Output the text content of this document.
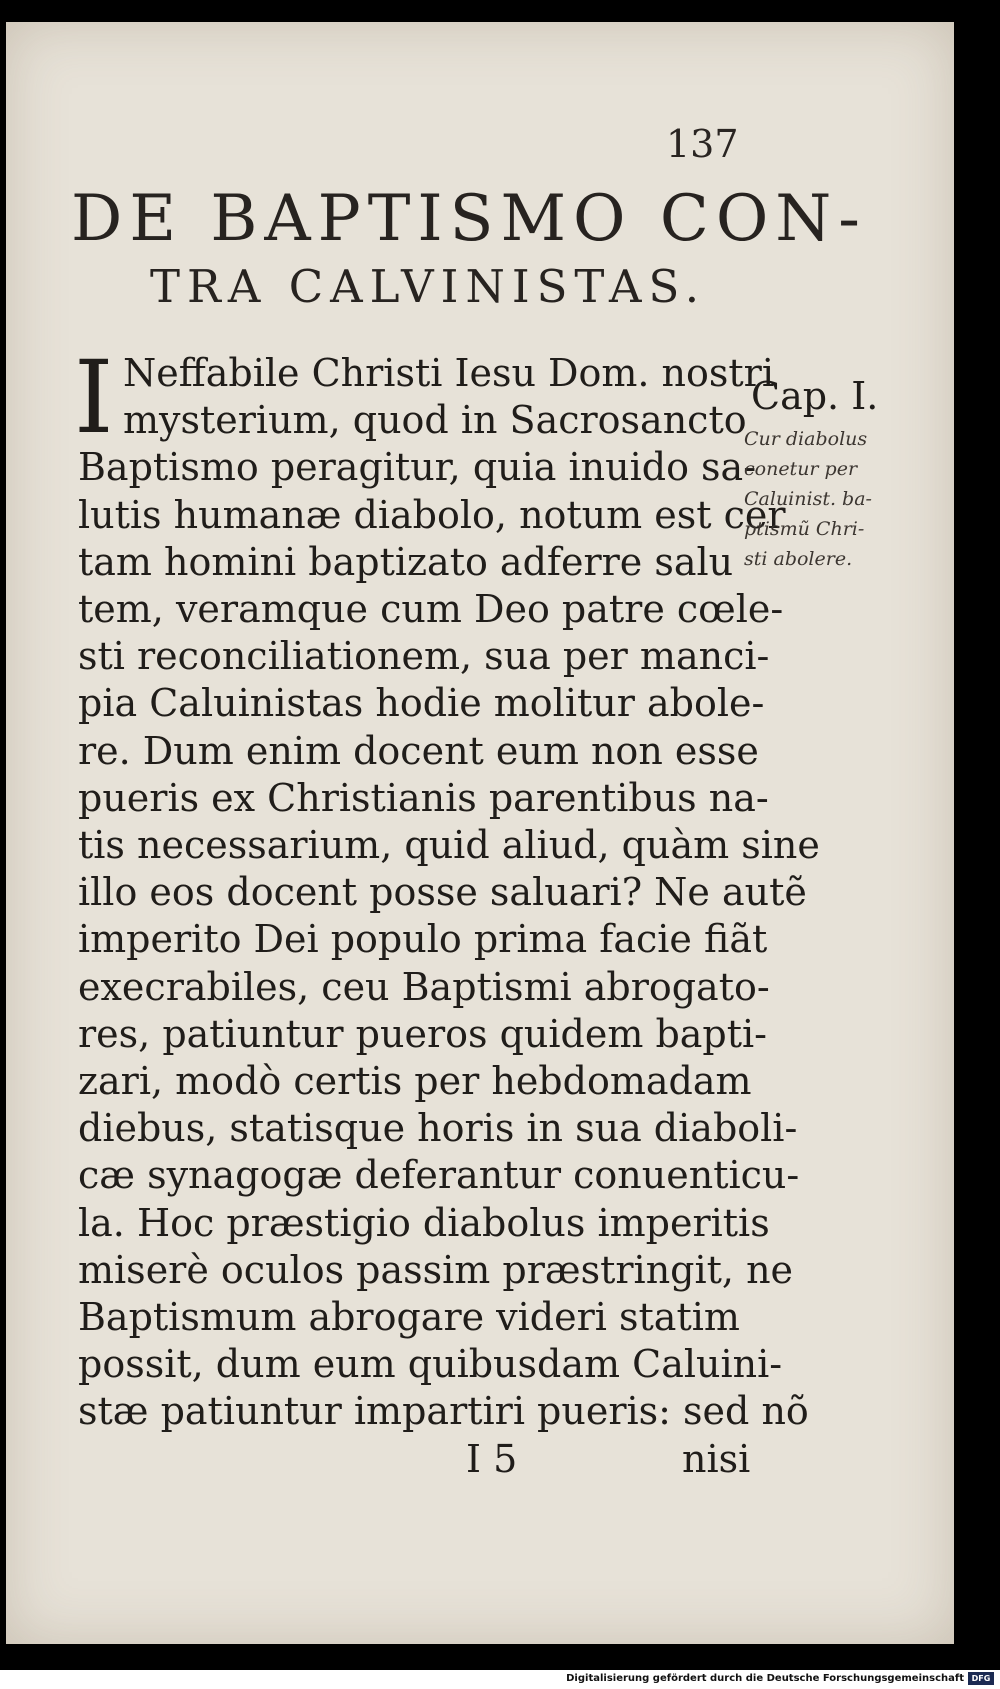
137
DE BAPTISMO CON-
TRA CALVINISTAS.
I Neffabile Christi Iesu Dom. nostri
mysterium, quod in Sacrosancto
Baptismo peragitur, quia inuido sa-
lutis humanæ diabolo, notum est cer
tam homini baptizato adferre salu
tem, veramque cum Deo patre cœle-
sti reconciliationem, sua per manci-
pia Caluinistas hodie molitur abole-
re. Dum enim docent eum non esse
pueris ex Christianis parentibus na-
tis necessarium, quid aliud, quàm sine
illo eos docent posse saluari? Ne autẽ
imperito Dei populo prima facie fiãt
execrabiles, ceu Baptismi abrogato-
res, patiuntur pueros quidem bapti-
zari, modò certis per hebdomadam
diebus, statisque horis in sua diaboli-
cæ synagogæ deferantur conuenticu-
la. Hoc præstigio diabolus imperitis
miserè oculos passim præstringit, ne
Baptismum abrogare videri statim
possit, dum eum quibusdam Caluini-
stæ patiuntur impartiri pueris: sed nõ
Cap. I.
Cur diabolus
conetur per
Caluinist. ba-
ptismũ Chri-
sti abolere.
I 5	nisi
Digitalisierung gefördert durch die Deutsche Forschungsgemeinschaft DFG
